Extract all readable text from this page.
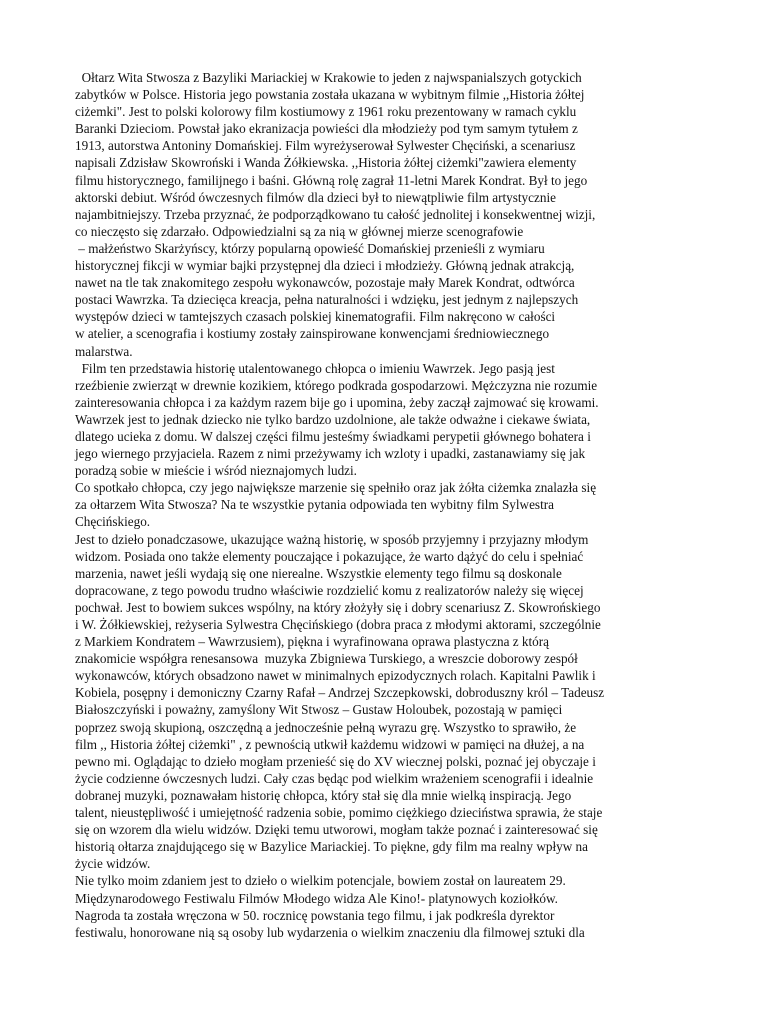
Ołtarz Wita Stwosza z Bazyliki Mariackiej w Krakowie to jeden z najwspanialszych gotyckich
zabytków w Polsce. Historia jego powstania została ukazana w wybitnym filmie ,,Historia żółtej
ciżemki". Jest to polski kolorowy film kostiumowy z 1961 roku prezentowany w ramach cyklu
Baranki Dzieciom. Powstał jako ekranizacja powieści dla młodzieży pod tym samym tytułem z
1913, autorstwa Antoniny Domańskiej. Film wyreżyserował Sylwester Chęciński, a scenariusz
napisali Zdzisław Skowroński i Wanda Żółkiewska. ,,Historia żółtej ciżemki"zawiera elementy
filmu historycznego, familijnego i baśni. Główną rolę zagrał 11-letni Marek Kondrat. Był to jego
aktorski debiut. Wśród ówczesnych filmów dla dzieci był to niewątpliwie film artystycznie
najambitniejszy. Trzeba przyznać, że podporządkowano tu całość jednolitej i konsekwentnej wizji,
co nieczęsto się zdarzało. Odpowiedzialni są za nią w głównej mierze scenografowie
– małżeństwo Skarżyńscy, którzy popularną opowieść Domańskiej przenieśli z wymiaru
historycznej fikcji w wymiar bajki przystępnej dla dzieci i młodzieży. Główną jednak atrakcją,
nawet na tle tak znakomitego zespołu wykonawców, pozostaje mały Marek Kondrat, odtwórca
postaci Wawrzka. Ta dziecięca kreacja, pełna naturalności i wdzięku, jest jednym z najlepszych
występów dzieci w tamtejszych czasach polskiej kinematografii. Film nakręcono w całości
w atelier, a scenografia i kostiumy zostały zainspirowane konwencjami średniowiecznego
malarstwa.
Film ten przedstawia historię utalentowanego chłopca o imieniu Wawrzek. Jego pasją jest
rzeźbienie zwierząt w drewnie kozikiem, którego podkrada gospodarzowi. Mężczyzna nie rozumie
zainteresowania chłopca i za każdym razem bije go i upomina, żeby zaczął zajmować się krowami.
Wawrzek jest to jednak dziecko nie tylko bardzo uzdolnione, ale także odważne i ciekawe świata,
dlatego ucieka z domu. W dalszej części filmu jesteśmy świadkami perypetii głównego bohatera i
jego wiernego przyjaciela. Razem z nimi przeżywamy ich wzloty i upadki, zastanawiamy się jak
poradzą sobie w mieście i wśród nieznajomych ludzi.
Co spotkało chłopca, czy jego największe marzenie się spełniło oraz jak żółta ciżemka znalazła się
za ołtarzem Wita Stwosza? Na te wszystkie pytania odpowiada ten wybitny film Sylwestra
Chęcińskiego.
Jest to dzieło ponadczasowe, ukazujące ważną historię, w sposób przyjemny i przyjazny młodym
widzom. Posiada ono także elementy pouczające i pokazujące, że warto dążyć do celu i spełniać
marzenia, nawet jeśli wydają się one nierealne. Wszystkie elementy tego filmu są doskonale
dopracowane, z tego powodu trudno właściwie rozdzielić komu z realizatorów należy się więcej
pochwał. Jest to bowiem sukces wspólny, na który złożyły się i dobry scenariusz Z. Skowrońskiego
i W. Żółkiewskiej, reżyseria Sylwestra Chęcińskiego (dobra praca z młodymi aktorami, szczególnie
z Markiem Kondratem – Wawrzusiem), piękna i wyrafinowana oprawa plastyczna z którą
znakomicie współgra renesansowa  muzyka Zbigniewa Turskiego, a wreszcie doborowy zespół
wykonawców, których obsadzono nawet w minimalnych epizodycznych rolach. Kapitalni Pawlik i
Kobiela, posępny i demoniczny Czarny Rafał – Andrzej Szczepkowski, dobroduszny król – Tadeusz
Białoszczyński i poważny, zamyślony Wit Stwosz – Gustaw Holoubek, pozostają w pamięci
poprzez swoją skupioną, oszczędną a jednocześnie pełną wyrazu grę. Wszystko to sprawiło, że
film ,, Historia żółtej ciżemki" , z pewnością utkwił każdemu widzowi w pamięci na dłużej, a na
pewno mi. Oglądając to dzieło mogłam przenieść się do XV wiecznej polski, poznać jej obyczaje i
życie codzienne ówczesnych ludzi. Cały czas będąc pod wielkim wrażeniem scenografii i idealnie
dobranej muzyki, poznawałam historię chłopca, który stał się dla mnie wielką inspiracją. Jego
talent, nieustępliwość i umiejętność radzenia sobie, pomimo ciężkiego dzieciństwa sprawia, że staje
się on wzorem dla wielu widzów. Dzięki temu utworowi, mogłam także poznać i zainteresować się
historią ołtarza znajdującego się w Bazylice Mariackiej. To piękne, gdy film ma realny wpływ na
życie widzów.
Nie tylko moim zdaniem jest to dzieło o wielkim potencjale, bowiem został on laureatem 29.
Międzynarodowego Festiwalu Filmów Młodego widza Ale Kino!- platynowych koziołków.
Nagroda ta została wręczona w 50. rocznicę powstania tego filmu, i jak podkreśla dyrektor
festiwalu, honorowane nią są osoby lub wydarzenia o wielkim znaczeniu dla filmowej sztuki dla
